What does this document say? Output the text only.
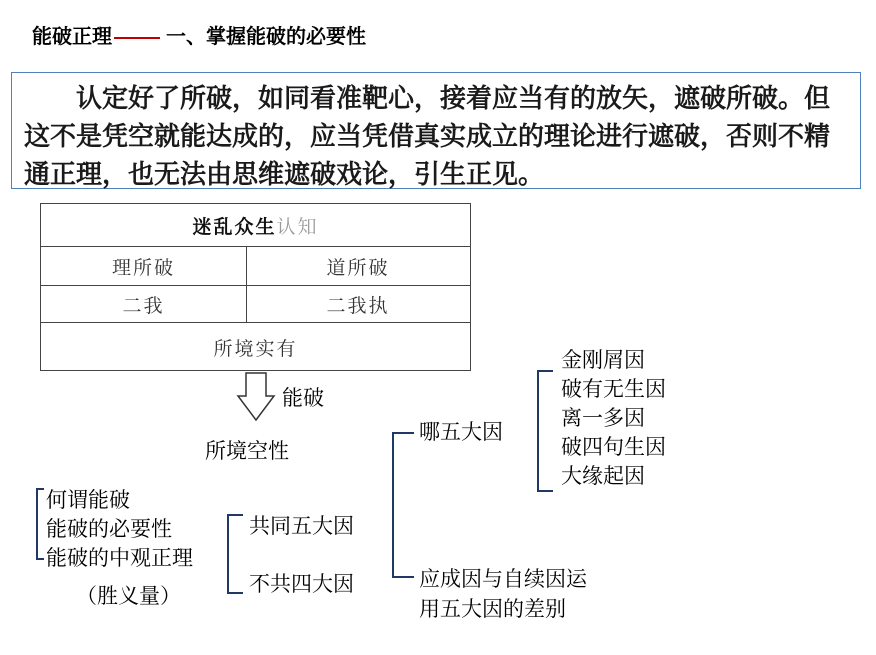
能破正理	一、掌握能破的必要性

认定好了所破，如同看准靶心，接着应当有的放矢，遮破所破。但这不是凭空就能达成的，应当凭借真实成立的理论进行遮破，否则不精通正理，也无法由思维遮破戏论，引生正见。

迷乱众生 认知
理所破	道所破
二我	二我执
所境实有
能破
所境空性
何谓能破
能破的必要性
能破的中观正理
（胜义量）
共同五大因
不共四大因
哪五大因
应成因与自续因运
用五大因的差别
金刚屑因
破有无生因
离一多因
破四句生因
大缘起因
